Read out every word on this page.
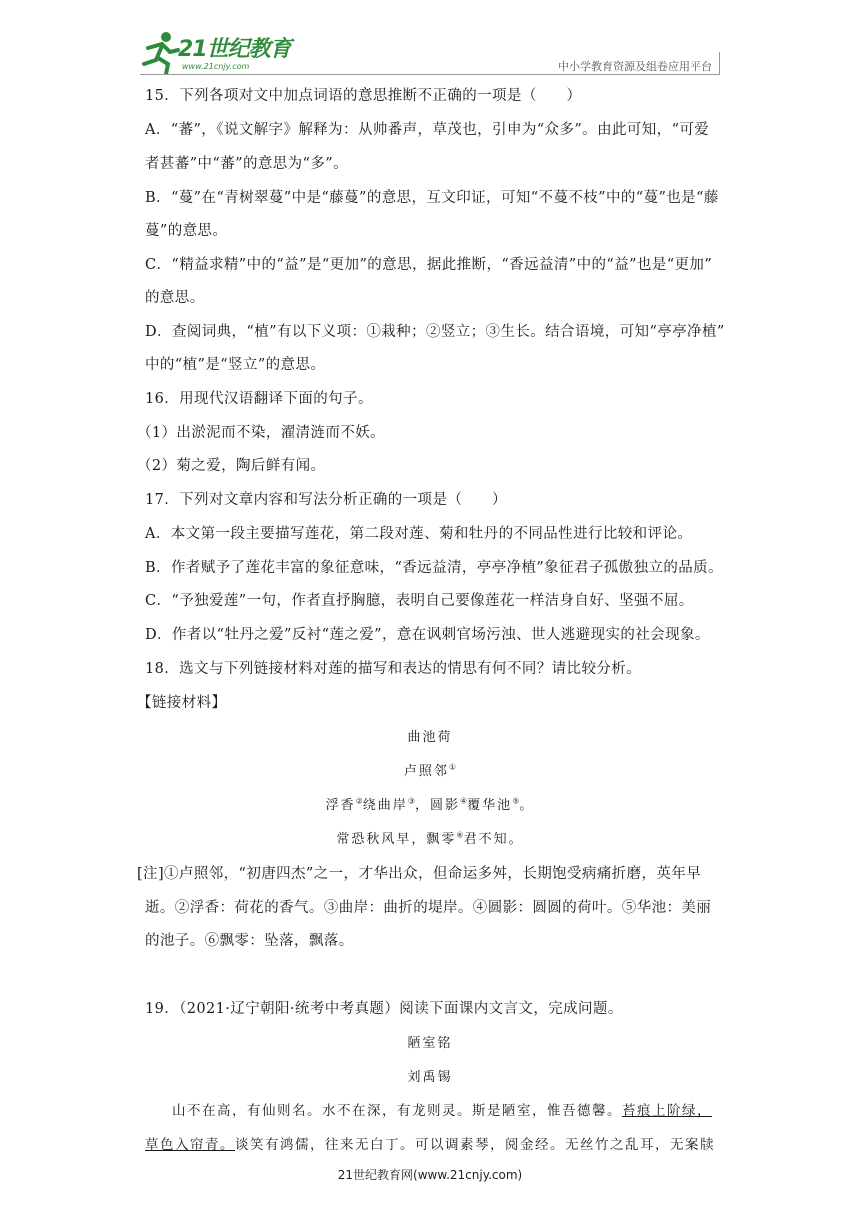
21世纪教育
www.21cnjy.com	中小学教育资源及组卷应用平台
15．下列各项对文中加点词语的意思推断不正确的一项是（　　）
A．“蕃”，《说文解字》解释为：从帅番声，草茂也，引申为“众多”。由此可知，“可爱
者甚蕃”中“蕃”的意思为“多”。
B．“蔓”在“青树翠蔓”中是“藤蔓”的意思，互文印证，可知“不蔓不枝”中的“蔓”也是“藤
蔓”的意思。
C．“精益求精”中的“益”是“更加”的意思，据此推断，“香远益清”中的“益”也是“更加”
的意思。
D．查阅词典，“植”有以下义项：①栽种；②竖立；③生长。结合语境，可知“亭亭净植”
中的“植”是“竖立”的意思。
16．用现代汉语翻译下面的句子。
（1）出淤泥而不染，濯清涟而不妖。
（2）菊之爱，陶后鲜有闻。
17．下列对文章内容和写法分析正确的一项是（　　）
A．本文第一段主要描写莲花，第二段对莲、菊和牡丹的不同品性进行比较和评论。
B．作者赋予了莲花丰富的象征意味，“香远益清，亭亭净植”象征君子孤傲独立的品质。
C．“予独爱莲”一句，作者直抒胸臆，表明自己要像莲花一样洁身自好、坚强不屈。
D．作者以“牡丹之爱”反衬“莲之爱”，意在讽刺官场污浊、世人逃避现实的社会现象。
18．选文与下列链接材料对莲的描写和表达的情思有何不同？请比较分析。
【链接材料】
曲池荷
卢照邻①
浮香②绕曲岸③，圆影④覆华池⑤。
常恐秋风早，飘零⑥君不知。
[注]①卢照邻，“初唐四杰”之一，才华出众，但命运多舛，长期饱受病痛折磨，英年早
逝。②浮香：荷花的香气。③曲岸：曲折的堤岸。④圆影：圆圆的荷叶。⑤华池：美丽
的池子。⑥飘零：坠落，飘落。
19．（2021·辽宁朝阳·统考中考真题）阅读下面课内文言文，完成问题。
陋室铭
刘禹锡
山不在高，有仙则名。水不在深，有龙则灵。斯是陋室，惟吾德馨。苔痕上阶绿，
草色入帘青。谈笑有鸿儒，往来无白丁。可以调素琴，阅金经。无丝竹之乱耳，无案牍
21世纪教育网(www.21cnjy.com)
